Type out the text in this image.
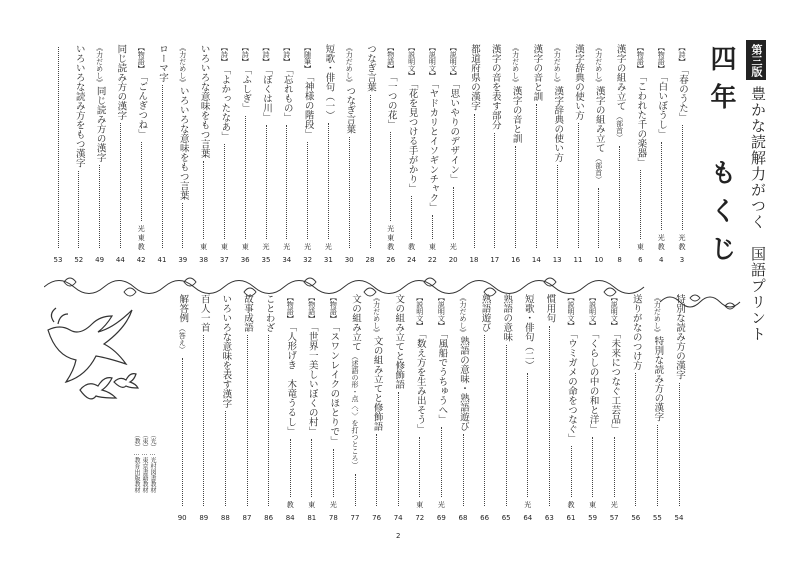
第三版
豊かな読解力がつく　国語プリント
四年　もくじ
【詩】
「春のうた」
光
教
3
【物語】
「白いぼうし」
光
教
4
【物語】
「こわれた千の楽器」
東
6
漢字の組み立て
（部首）
8
《力だめし》
漢字の組み立て
（部首）
10
漢字辞典の使い方
11
《力だめし》
漢字辞典の使い方
13
漢字の音と訓
14
《力だめし》
漢字の音と訓
16
漢字の音を表す部分
17
都道府県の漢字
18
【説明文】
「思いやりのデザイン」
光
20
【説明文】
「ヤドカリとイソギンチャク」
東
22
【説明文】
「花を見つける手がかり」
教
24
【物語】
「一つの花」
光
東
教
26
つなぎ言葉
28
《力だめし》
つなぎ言葉
30
短歌・俳句（一）
光
31
【随筆】
「神様の階段」
光
32
【詩】
「忘れもの」
光
34
【詩】
「ぼくは川」
光
35
【詩】
「ふしぎ」
東
36
【詩】
「よかったなあ」
東
37
いろいろな意味をもつ言葉
東
38
《力だめし》
いろいろな意味をもつ言葉
39
ローマ字
41
【物語】
「ごんぎつね」
光
東
教
42
同じ読み方の漢字
44
《力だめし》
同じ読み方の漢字
49
いろいろな読み方をもつ漢字
52
53
特別な読み方の漢字
54
《力だめし》
特別な読み方の漢字
55
送りがなのつけ方
56
【説明文】
「未来につなぐ工芸品」
光
57
【説明文】
「くらしの中の和と洋」
東
59
【説明文】
「ウミガメの命をつなぐ」
教
61
慣用句
63
短歌・俳句（二）
光
64
熟語の意味
65
熟語遊び
66
《力だめし》
熟語の意味・熟語遊び
68
【説明文】
「風船でうちゅうへ」
光
69
【説明文】
「数え方を生み出そう」
東
72
文の組み立てと修飾語
74
《力だめし》
文の組み立てと修飾語
76
文の組み立て
（述語の形・点〈、〉を打つところ）
77
【物語】
「スワンレイクのほとりで」
光
78
【物語】
「世界一美しいぼくの村」
東
81
【物語】
「人形げき　木竜うるし」
教
84
ことわざ
86
故事成語
87
いろいろな意味を表す漢字
88
百人一首
89
解答例
（答え）
90
（光）…光村図書教材
（東）…東京書籍教材
（教）…教育出版教材
2
